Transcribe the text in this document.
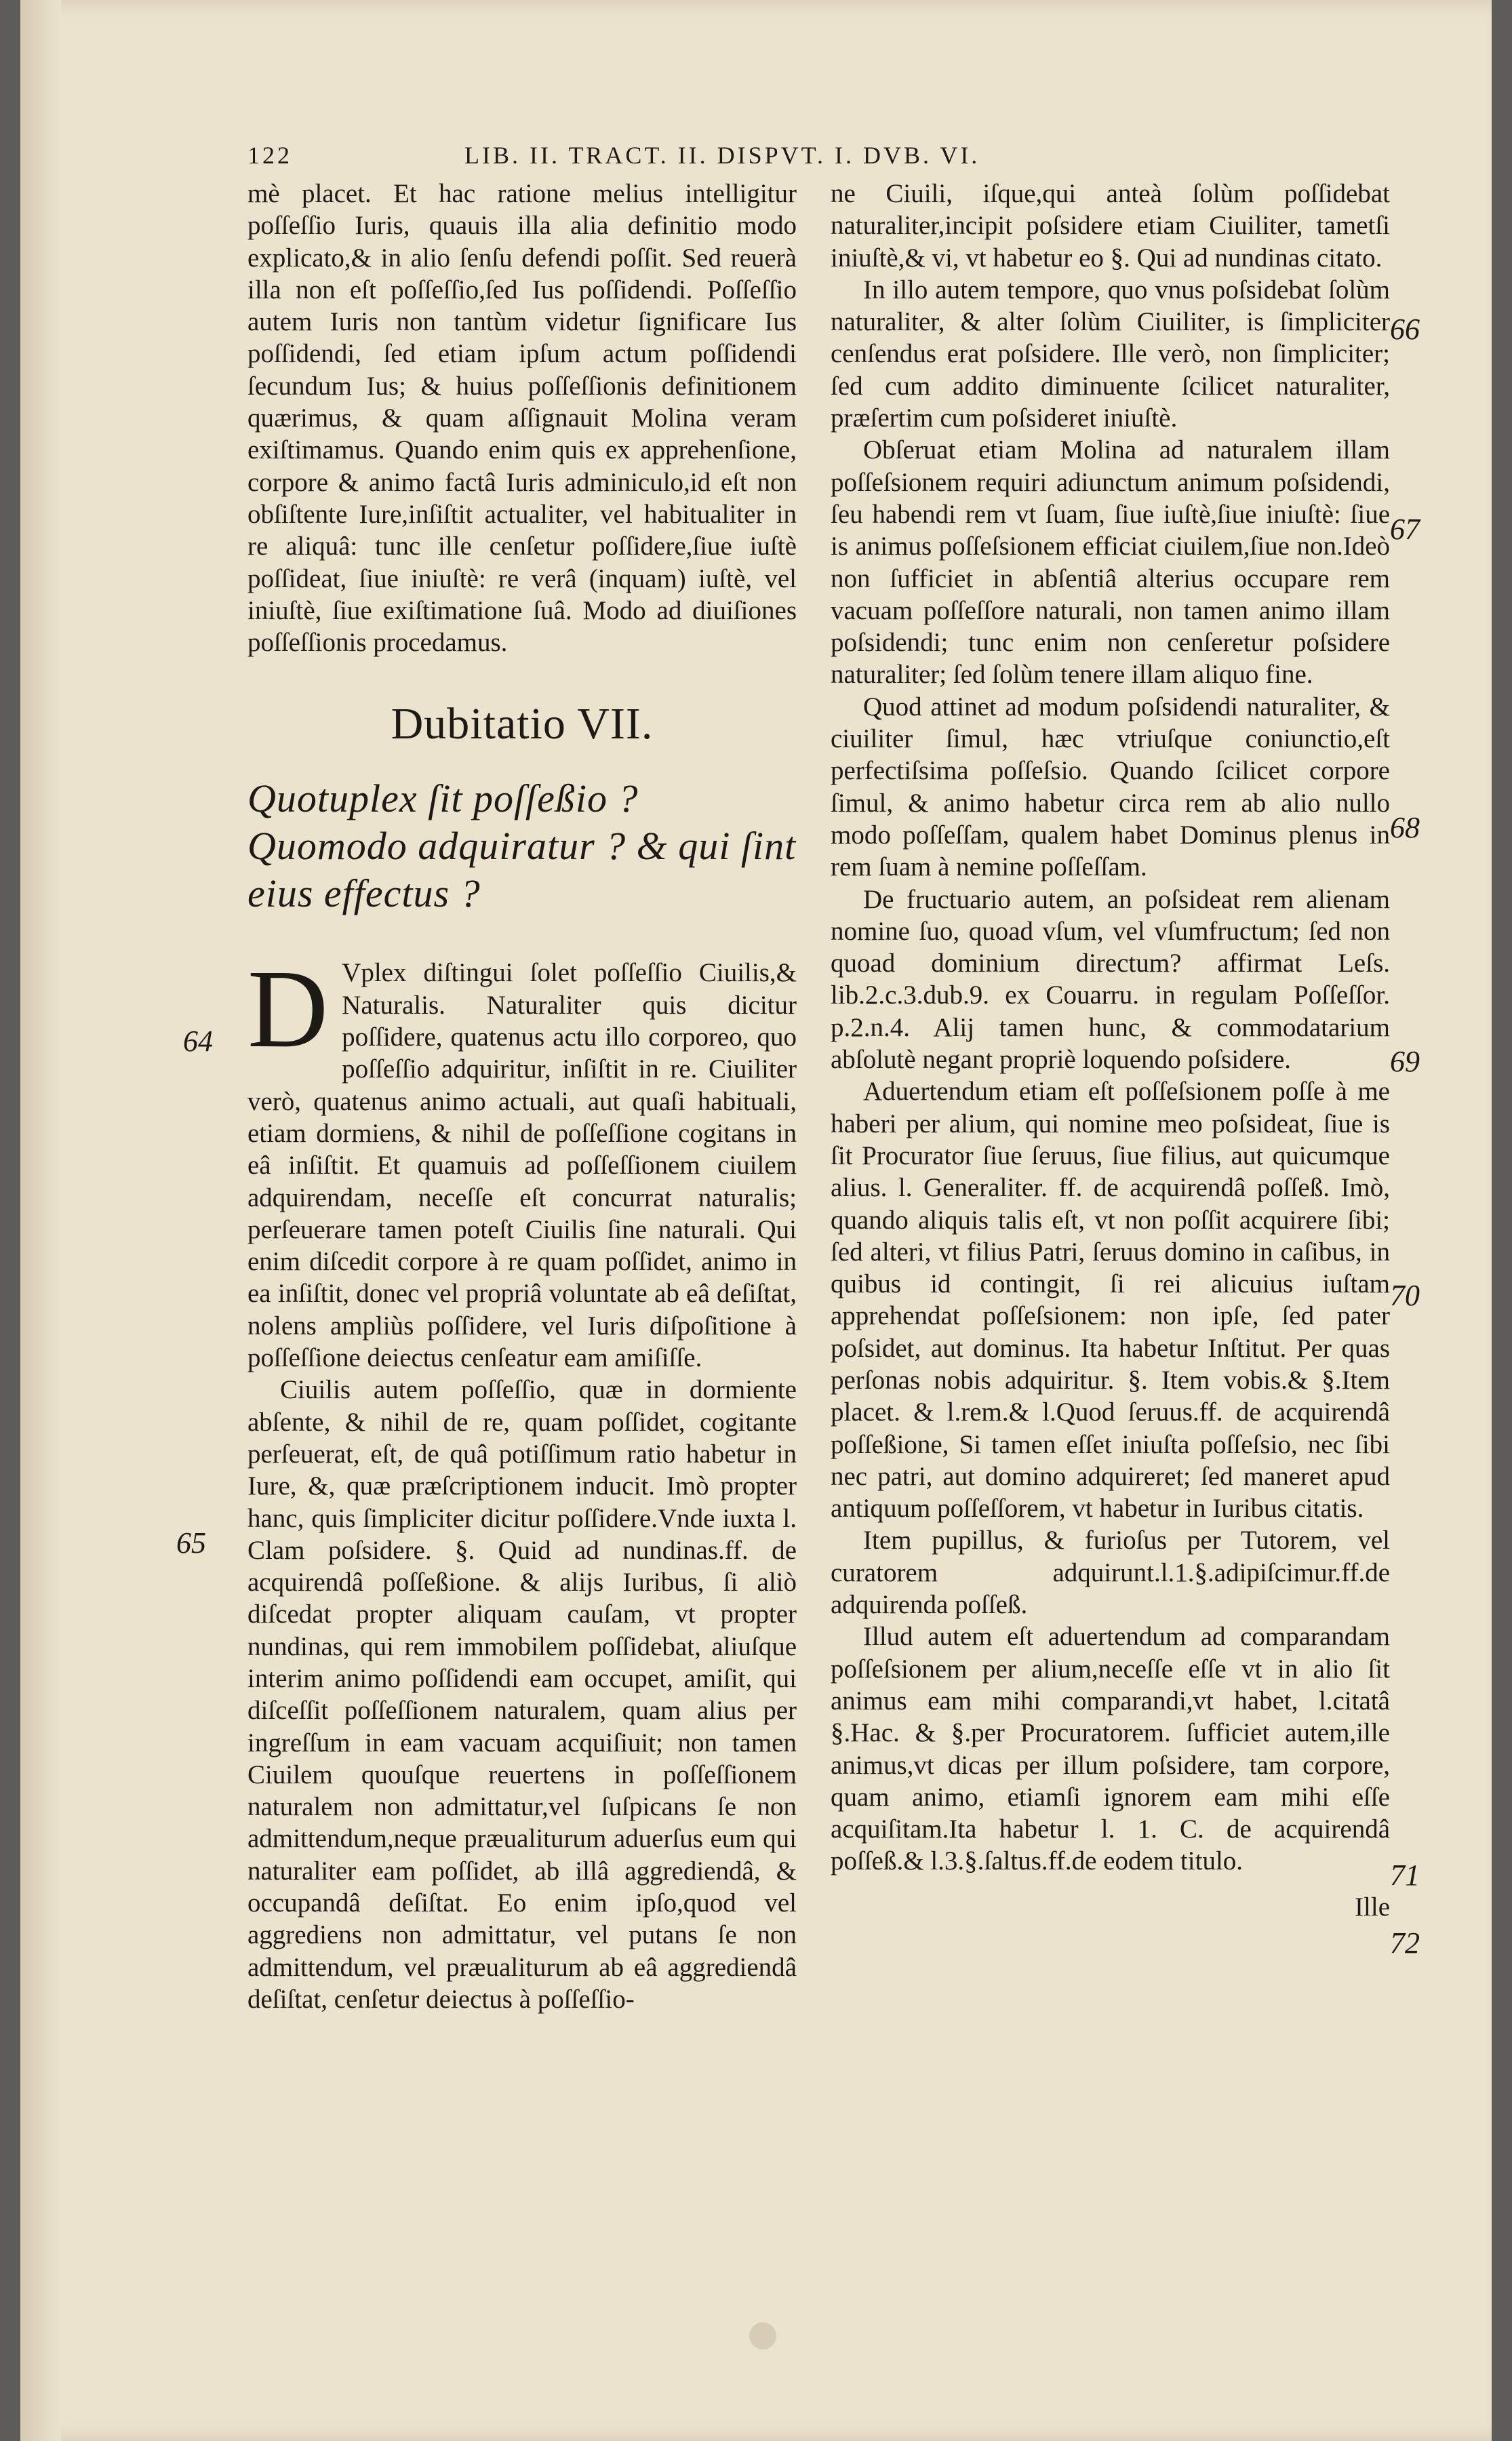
122	LIB. II. TRACT. II. DISPVT. I. DVB. VI.

mè placet. Et hac ratione melius intelligitur poſſeſſio Iuris, quauis illa alia definitio modo explicato,& in alio ſenſu defendi poſſit. Sed reuerà illa non eſt poſſeſſio,ſed Ius poſſidendi. Poſſeſſio autem Iuris non tantùm videtur ſignificare Ius poſſidendi, ſed etiam ipſum actum poſſidendi ſecundum Ius; & huius poſſeſſionis definitionem quærimus, & quam aſſignauit Molina veram exiſtimamus. Quando enim quis ex apprehenſione, corpore & animo factâ Iuris adminiculo,id eſt non obſiſtente Iure,inſiſtit actualiter, vel habitualiter in re aliquâ: tunc ille cenſetur poſſidere,ſiue iuſtè poſſideat, ſiue iniuſtè: re verâ (inquam) iuſtè, vel iniuſtè, ſiue exiſtimatione ſuâ. Modo ad diuiſiones poſſeſſionis procedamus.

Dubitatio VII.
Quotuplex ſit poſſeßio ? Quomodo adquiratur ? & qui ſint eius effectus ?

D Vplex diſtingui ſolet poſſeſſio Ciuilis,& Naturalis. Naturaliter quis dicitur poſſidere, quatenus actu illo corporeo, quo poſſeſſio adquiritur, inſiſtit in re. Ciuiliter verò, quatenus animo actuali, aut quaſi habituali, etiam dormiens, & nihil de poſſeſſione cogitans in eâ inſiſtit. Et quamuis ad poſſeſſionem ciuilem adquirendam, neceſſe eſt concurrat naturalis; perſeuerare tamen poteſt Ciuilis ſine naturali. Qui enim diſcedit corpore à re quam poſſidet, animo in ea inſiſtit, donec vel propriâ voluntate ab eâ deſiſtat, nolens ampliùs poſſidere, vel Iuris diſpoſitione à poſſeſſione deiectus cenſeatur eam amiſiſſe.

Ciuilis autem poſſeſſio, quæ in dormiente abſente, & nihil de re, quam poſſidet, cogitante perſeuerat, eſt, de quâ potiſſimum ratio habetur in Iure, &, quæ præſcriptionem inducit. Imò propter hanc, quis ſimpliciter dicitur poſſidere.Vnde iuxta l. Clam poſsidere. §. Quid ad nundinas.ff. de acquirendâ poſſeßione. & alijs Iuribus, ſi aliò diſcedat propter aliquam cauſam, vt propter nundinas, qui rem immobilem poſſidebat, aliuſque interim animo poſſidendi eam occupet, amiſit, qui diſceſſit poſſeſſionem naturalem, quam alius per ingreſſum in eam vacuam acquiſiuit; non tamen Ciuilem quouſque reuertens in poſſeſſionem naturalem non admittatur,vel ſuſpicans ſe non admittendum,neque præualiturum aduerſus eum qui naturaliter eam poſſidet, ab illâ aggrediendâ, & occupandâ deſiſtat. Eo enim ipſo,quod vel aggrediens non admittatur, vel putans ſe non admittendum, vel præualiturum ab eâ aggrediendâ deſiſtat, cenſetur deiectus à poſſeſſio-

ne Ciuili, iſque,qui anteà ſolùm poſſidebat naturaliter,incipit poſsidere etiam Ciuiliter, tametſi iniuſtè,& vi, vt habetur eo §. Qui ad nundinas citato.

In illo autem tempore, quo vnus poſsidebat ſolùm naturaliter, & alter ſolùm Ciuiliter, is ſimpliciter cenſendus erat poſsidere. Ille verò, non ſimpliciter; ſed cum addito diminuente ſcilicet naturaliter, præſertim cum poſsideret iniuſtè.

Obſeruat etiam Molina ad naturalem illam poſſeſsionem requiri adiunctum animum poſsidendi, ſeu habendi rem vt ſuam, ſiue iuſtè,ſiue iniuſtè: ſiue is animus poſſeſsionem efficiat ciuilem,ſiue non.Ideò non ſufficiet in abſentiâ alterius occupare rem vacuam poſſeſſore naturali, non tamen animo illam poſsidendi; tunc enim non cenſeretur poſsidere naturaliter; ſed ſolùm tenere illam aliquo fine.

Quod attinet ad modum poſsidendi naturaliter, & ciuiliter ſimul, hæc vtriuſque coniunctio,eſt perfectiſsima poſſeſsio. Quando ſcilicet corpore ſimul, & animo habetur circa rem ab alio nullo modo poſſeſſam, qualem habet Dominus plenus in rem ſuam à nemine poſſeſſam.

De fructuario autem, an poſsideat rem alienam nomine ſuo, quoad vſum, vel vſumfructum; ſed non quoad dominium directum? affirmat Leſs. lib.2.c.3.dub.9. ex Couarru. in regulam Poſſeſſor. p.2.n.4. Alij tamen hunc, & commodatarium abſolutè negant propriè loquendo poſsidere.

Aduertendum etiam eſt poſſeſsionem poſſe à me haberi per alium, qui nomine meo poſsideat, ſiue is ſit Procurator ſiue ſeruus, ſiue filius, aut quicumque alius. l. Generaliter. ff. de acquirendâ poſſeß. Imò, quando aliquis talis eſt, vt non poſſit acquirere ſibi; ſed alteri, vt filius Patri, ſeruus domino in caſibus, in quibus id contingit, ſi rei alicuius iuſtam apprehendat poſſeſsionem: non ipſe, ſed pater poſsidet, aut dominus. Ita habetur Inſtitut. Per quas perſonas nobis adquiritur. §. Item vobis.& §.Item placet. & l.rem.& l.Quod ſeruus.ff. de acquirendâ poſſeßione, Si tamen eſſet iniuſta poſſeſsio, nec ſibi nec patri, aut domino adquireret; ſed maneret apud antiquum poſſeſſorem, vt habetur in Iuribus citatis.

Item pupillus, & furioſus per Tutorem, vel curatorem adquirunt.l.1.§.adipiſcimur.ff.de adquirenda poſſeß.

Illud autem eſt aduertendum ad comparandam poſſeſsionem per alium,neceſſe eſſe vt in alio ſit animus eam mihi comparandi,vt habet, l.citatâ §.Hac. & §.per Procuratorem. ſufficiet autem,ille animus,vt dicas per illum poſsidere, tam corpore, quam animo, etiamſi ignorem eam mihi eſſe acquiſitam.Ita habetur l. 1. C. de acquirendâ poſſeß.& l.3.§.ſaltus.ff.de eodem titulo.

Ille
64
65
66
67
68
69
70
71
72
